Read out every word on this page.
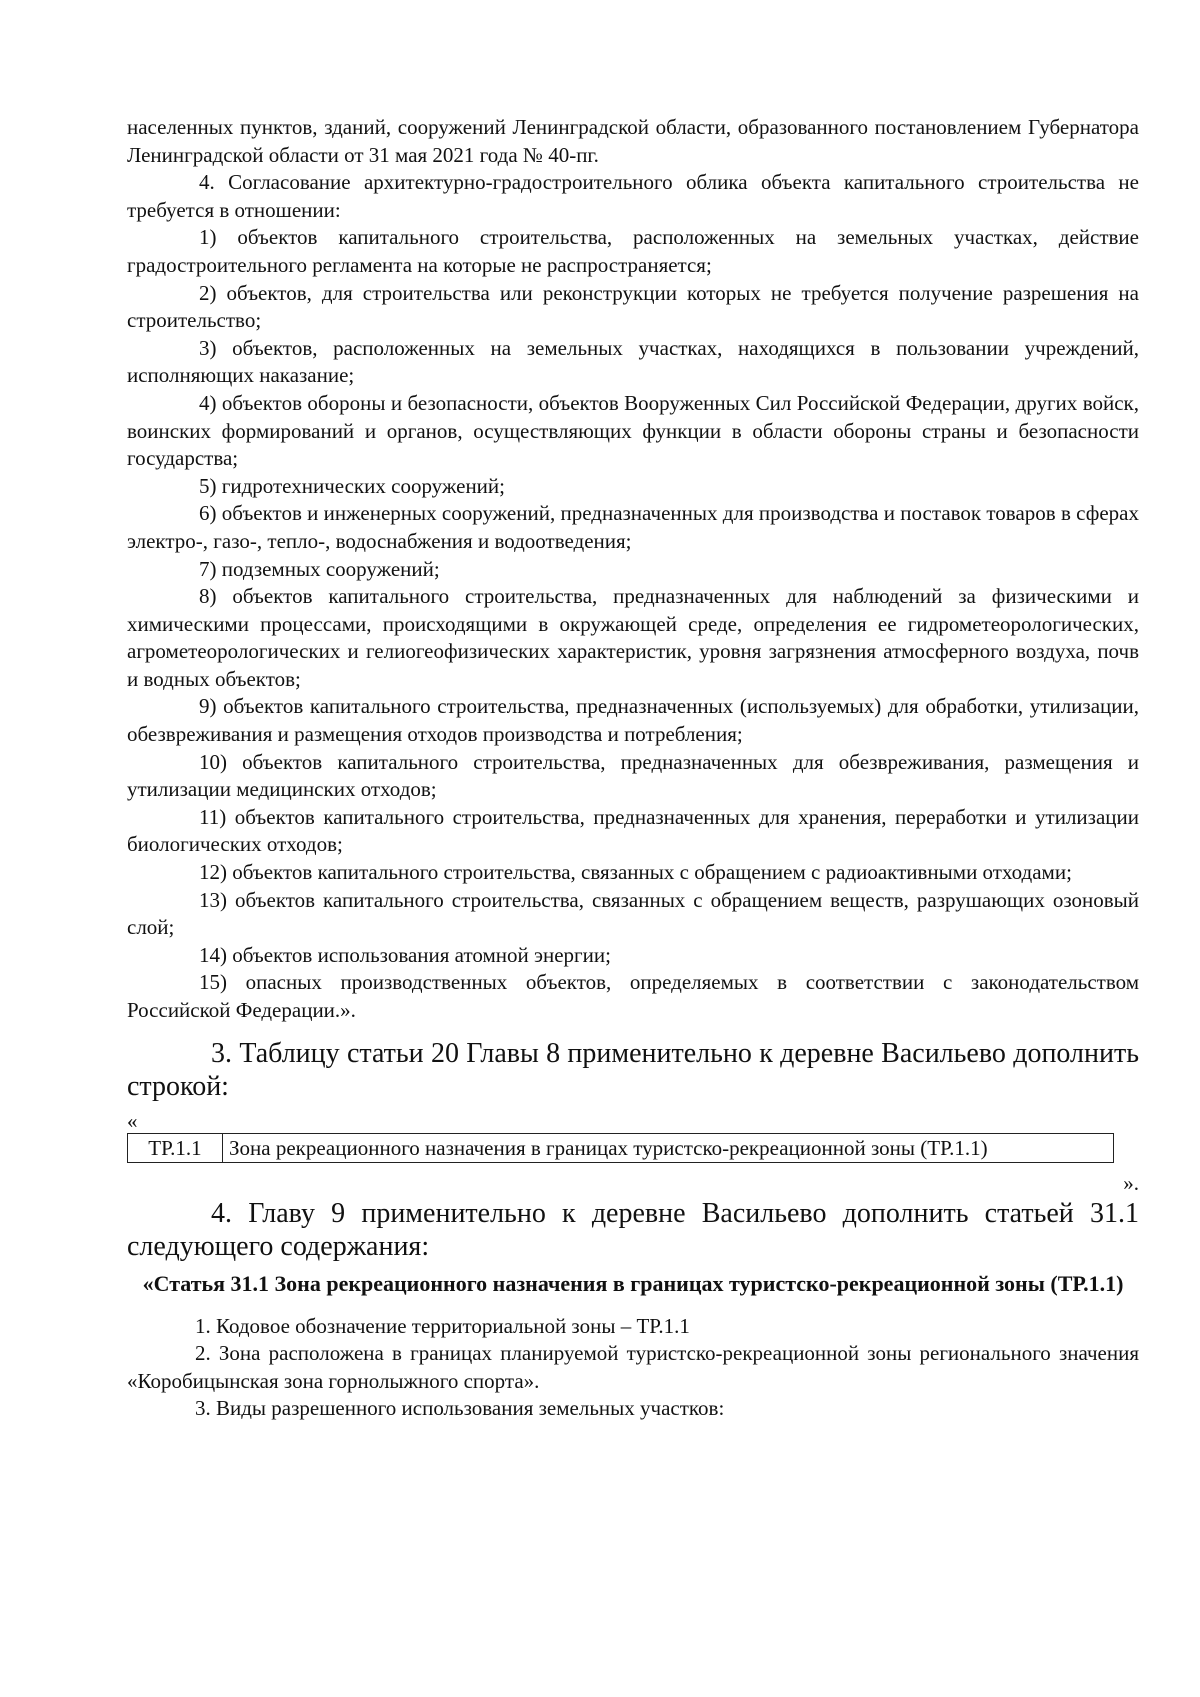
населенных пунктов, зданий, сооружений Ленинградской области, образованного постановлением Губернатора Ленинградской области от 31 мая 2021 года № 40-пг.

4. Согласование архитектурно-градостроительного облика объекта капитального строительства не требуется в отношении:

1) объектов капитального строительства, расположенных на земельных участках, действие градостроительного регламента на которые не распространяется;

2) объектов, для строительства или реконструкции которых не требуется получение разрешения на строительство;

3) объектов, расположенных на земельных участках, находящихся в пользовании учреждений, исполняющих наказание;

4) объектов обороны и безопасности, объектов Вооруженных Сил Российской Федерации, других войск, воинских формирований и органов, осуществляющих функции в области обороны страны и безопасности государства;

5) гидротехнических сооружений;

6) объектов и инженерных сооружений, предназначенных для производства и поставок товаров в сферах электро-, газо-, тепло-, водоснабжения и водоотведения;

7) подземных сооружений;

8) объектов капитального строительства, предназначенных для наблюдений за физическими и химическими процессами, происходящими в окружающей среде, определения ее гидрометеорологических, агрометеорологических и гелиогеофизических характеристик, уровня загрязнения атмосферного воздуха, почв и водных объектов;

9) объектов капитального строительства, предназначенных (используемых) для обработки, утилизации, обезвреживания и размещения отходов производства и потребления;

10) объектов капитального строительства, предназначенных для обезвреживания, размещения и утилизации медицинских отходов;

11) объектов капитального строительства, предназначенных для хранения, переработки и утилизации биологических отходов;

12) объектов капитального строительства, связанных с обращением с радиоактивными отходами;

13) объектов капитального строительства, связанных с обращением веществ, разрушающих озоновый слой;

14) объектов использования атомной энергии;

15) опасных производственных объектов, определяемых в соответствии с законодательством Российской Федерации.».

3. Таблицу статьи 20 Главы 8 применительно к деревне Васильево дополнить строкой:

«
ТР.1.1	Зона рекреационного назначения в границах туристско-рекреационной зоны (ТР.1.1)
».

4. Главу 9 применительно к деревне Васильево дополнить статьей 31.1 следующего содержания:

«Статья 31.1 Зона рекреационного назначения в границах туристско-рекреационной зоны (ТР.1.1)

1. Кодовое обозначение территориальной зоны – ТР.1.1

2. Зона расположена в границах планируемой туристско-рекреационной зоны регионального значения «Коробицынская зона горнолыжного спорта».

3. Виды разрешенного использования земельных участков:
